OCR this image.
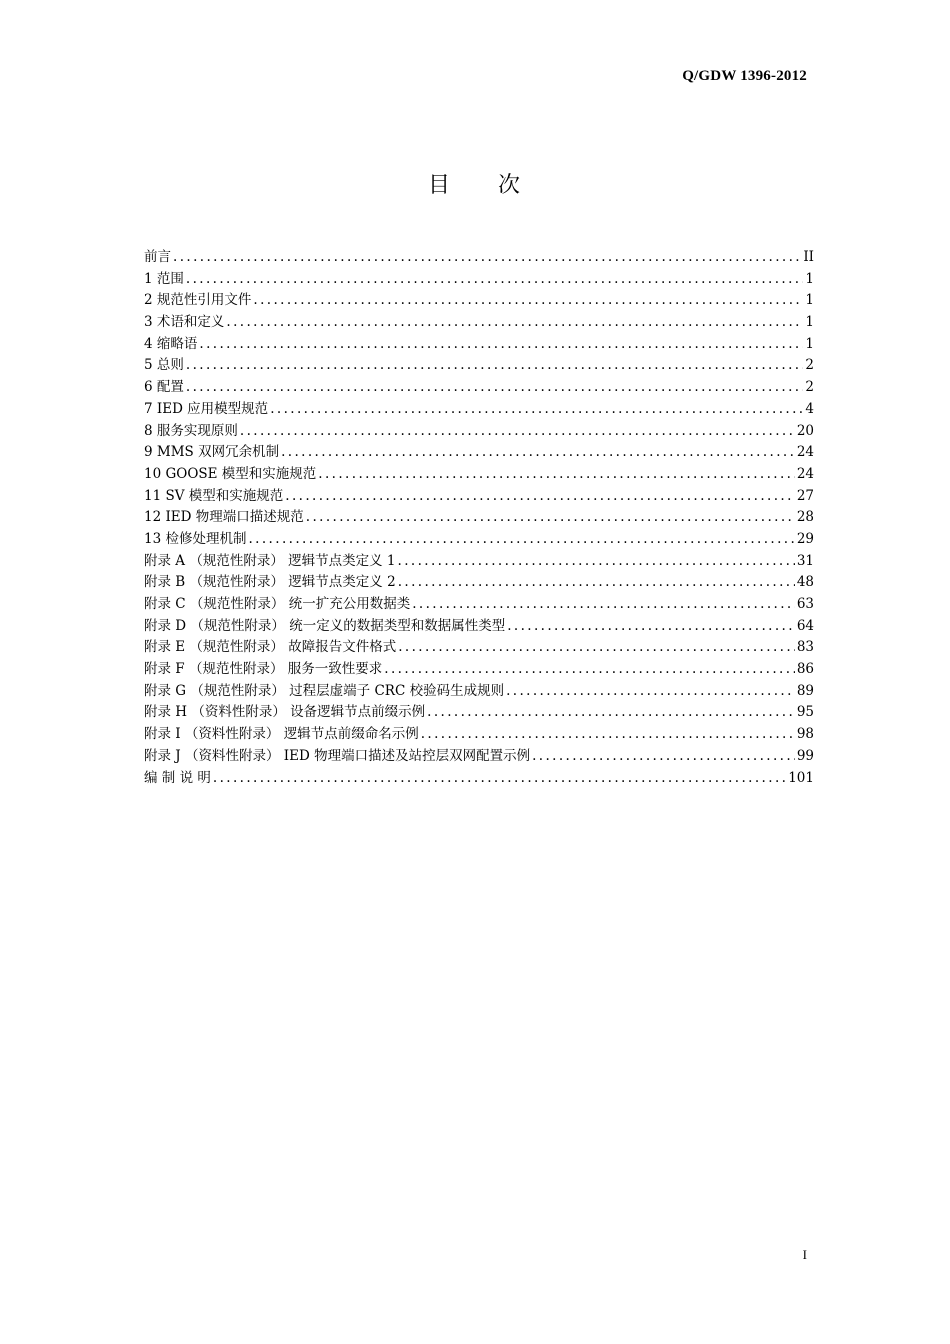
Q/GDW 1396-2012
目 次
前言 .....	II
1 范围 .....	1
2 规范性引用文件 .....	1
3 术语和定义 .....	1
4 缩略语 .....	1
5 总则 .....	2
6 配置 .....	2
7 IED 应用模型规范 .....	4
8 服务实现原则 .....	20
9 MMS 双网冗余机制 .....	24
10 GOOSE 模型和实施规范 .....	24
11 SV 模型和实施规范 .....	27
12 IED 物理端口描述规范 .....	28
13 检修处理机制 .....	29
附录 A （规范性附录） 逻辑节点类定义 1 .....	31
附录 B （规范性附录） 逻辑节点类定义 2 .....	48
附录 C （规范性附录） 统一扩充公用数据类 .....	63
附录 D （规范性附录） 统一定义的数据类型和数据属性类型 .....	64
附录 E （规范性附录） 故障报告文件格式 .....	83
附录 F （规范性附录） 服务一致性要求 .....	86
附录 G （规范性附录） 过程层虚端子 CRC 校验码生成规则 .....	89
附录 H （资料性附录） 设备逻辑节点前缀示例 .....	95
附录 I （资料性附录） 逻辑节点前缀命名示例 .....	98
附录 J （资料性附录） IED 物理端口描述及站控层双网配置示例 .....	99
编 制 说 明 .....	101
I
